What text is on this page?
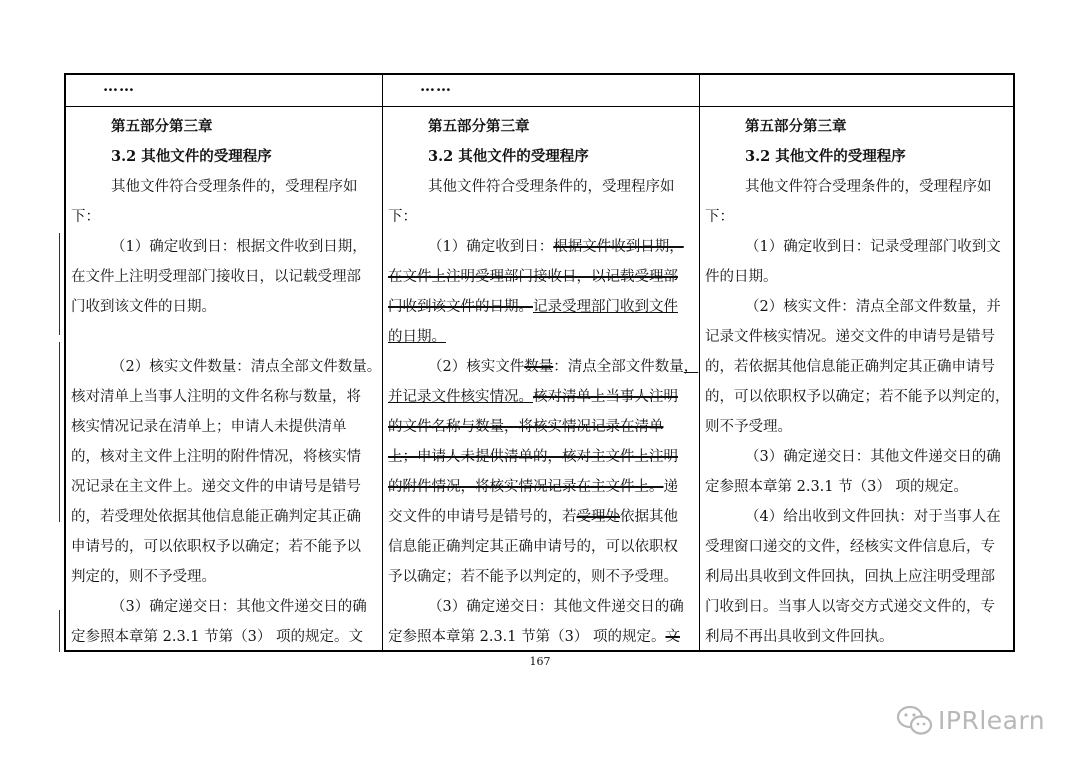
……	……
第五部分第三章
3.2 其他文件的受理程序
其他文件符合受理条件的，受理程序如
下：
（1）确定收到日：根据文件收到日期，
在文件上注明受理部门接收日，以记载受理部
门收到该文件的日期。
（2）核实文件数量：清点全部文件数量。
核对清单上当事人注明的文件名称与数量，将
核实情况记录在清单上；申请人未提供清单
的，核对主文件上注明的附件情况，将核实情
况记录在主文件上。递交文件的申请号是错号
的，若受理处依据其他信息能正确判定其正确
申请号的，可以依职权予以确定；若不能予以
判定的，则不予受理。
（3）确定递交日：其他文件递交日的确
定参照本章第 2.3.1 节第（3） 项的规定。文
第五部分第三章
3.2 其他文件的受理程序
其他文件符合受理条件的，受理程序如
下：
（1）确定收到日：根据文件收到日期，
在文件上注明受理部门接收日，以记载受理部
门收到该文件的日期。记录受理部门收到文件
的日期。
（2）核实文件数量：清点全部文件数量，
并记录文件核实情况。核对清单上当事人注明
的文件名称与数量，将核实情况记录在清单
上；申请人未提供清单的，核对主文件上注明
的附件情况，将核实情况记录在主文件上。递
交文件的申请号是错号的，若受理处依据其他
信息能正确判定其正确申请号的，可以依职权
予以确定；若不能予以判定的，则不予受理。
（3）确定递交日：其他文件递交日的确
定参照本章第 2.3.1 节第（3） 项的规定。文
第五部分第三章
3.2 其他文件的受理程序
其他文件符合受理条件的，受理程序如
下：
（1）确定收到日：记录受理部门收到文
件的日期。
（2）核实文件：清点全部文件数量，并
记录文件核实情况。递交文件的申请号是错号
的，若依据其他信息能正确判定其正确申请号
的，可以依职权予以确定；若不能予以判定的，
则不予受理。
（3）确定递交日：其他文件递交日的确
定参照本章第 2.3.1 节（3） 项的规定。
（4）给出收到文件回执：对于当事人在
受理窗口递交的文件，经核实文件信息后，专
利局出具收到文件回执，回执上应注明受理部
门收到日。当事人以寄交方式递交文件的，专
利局不再出具收到文件回执。
167
IPRlearn
